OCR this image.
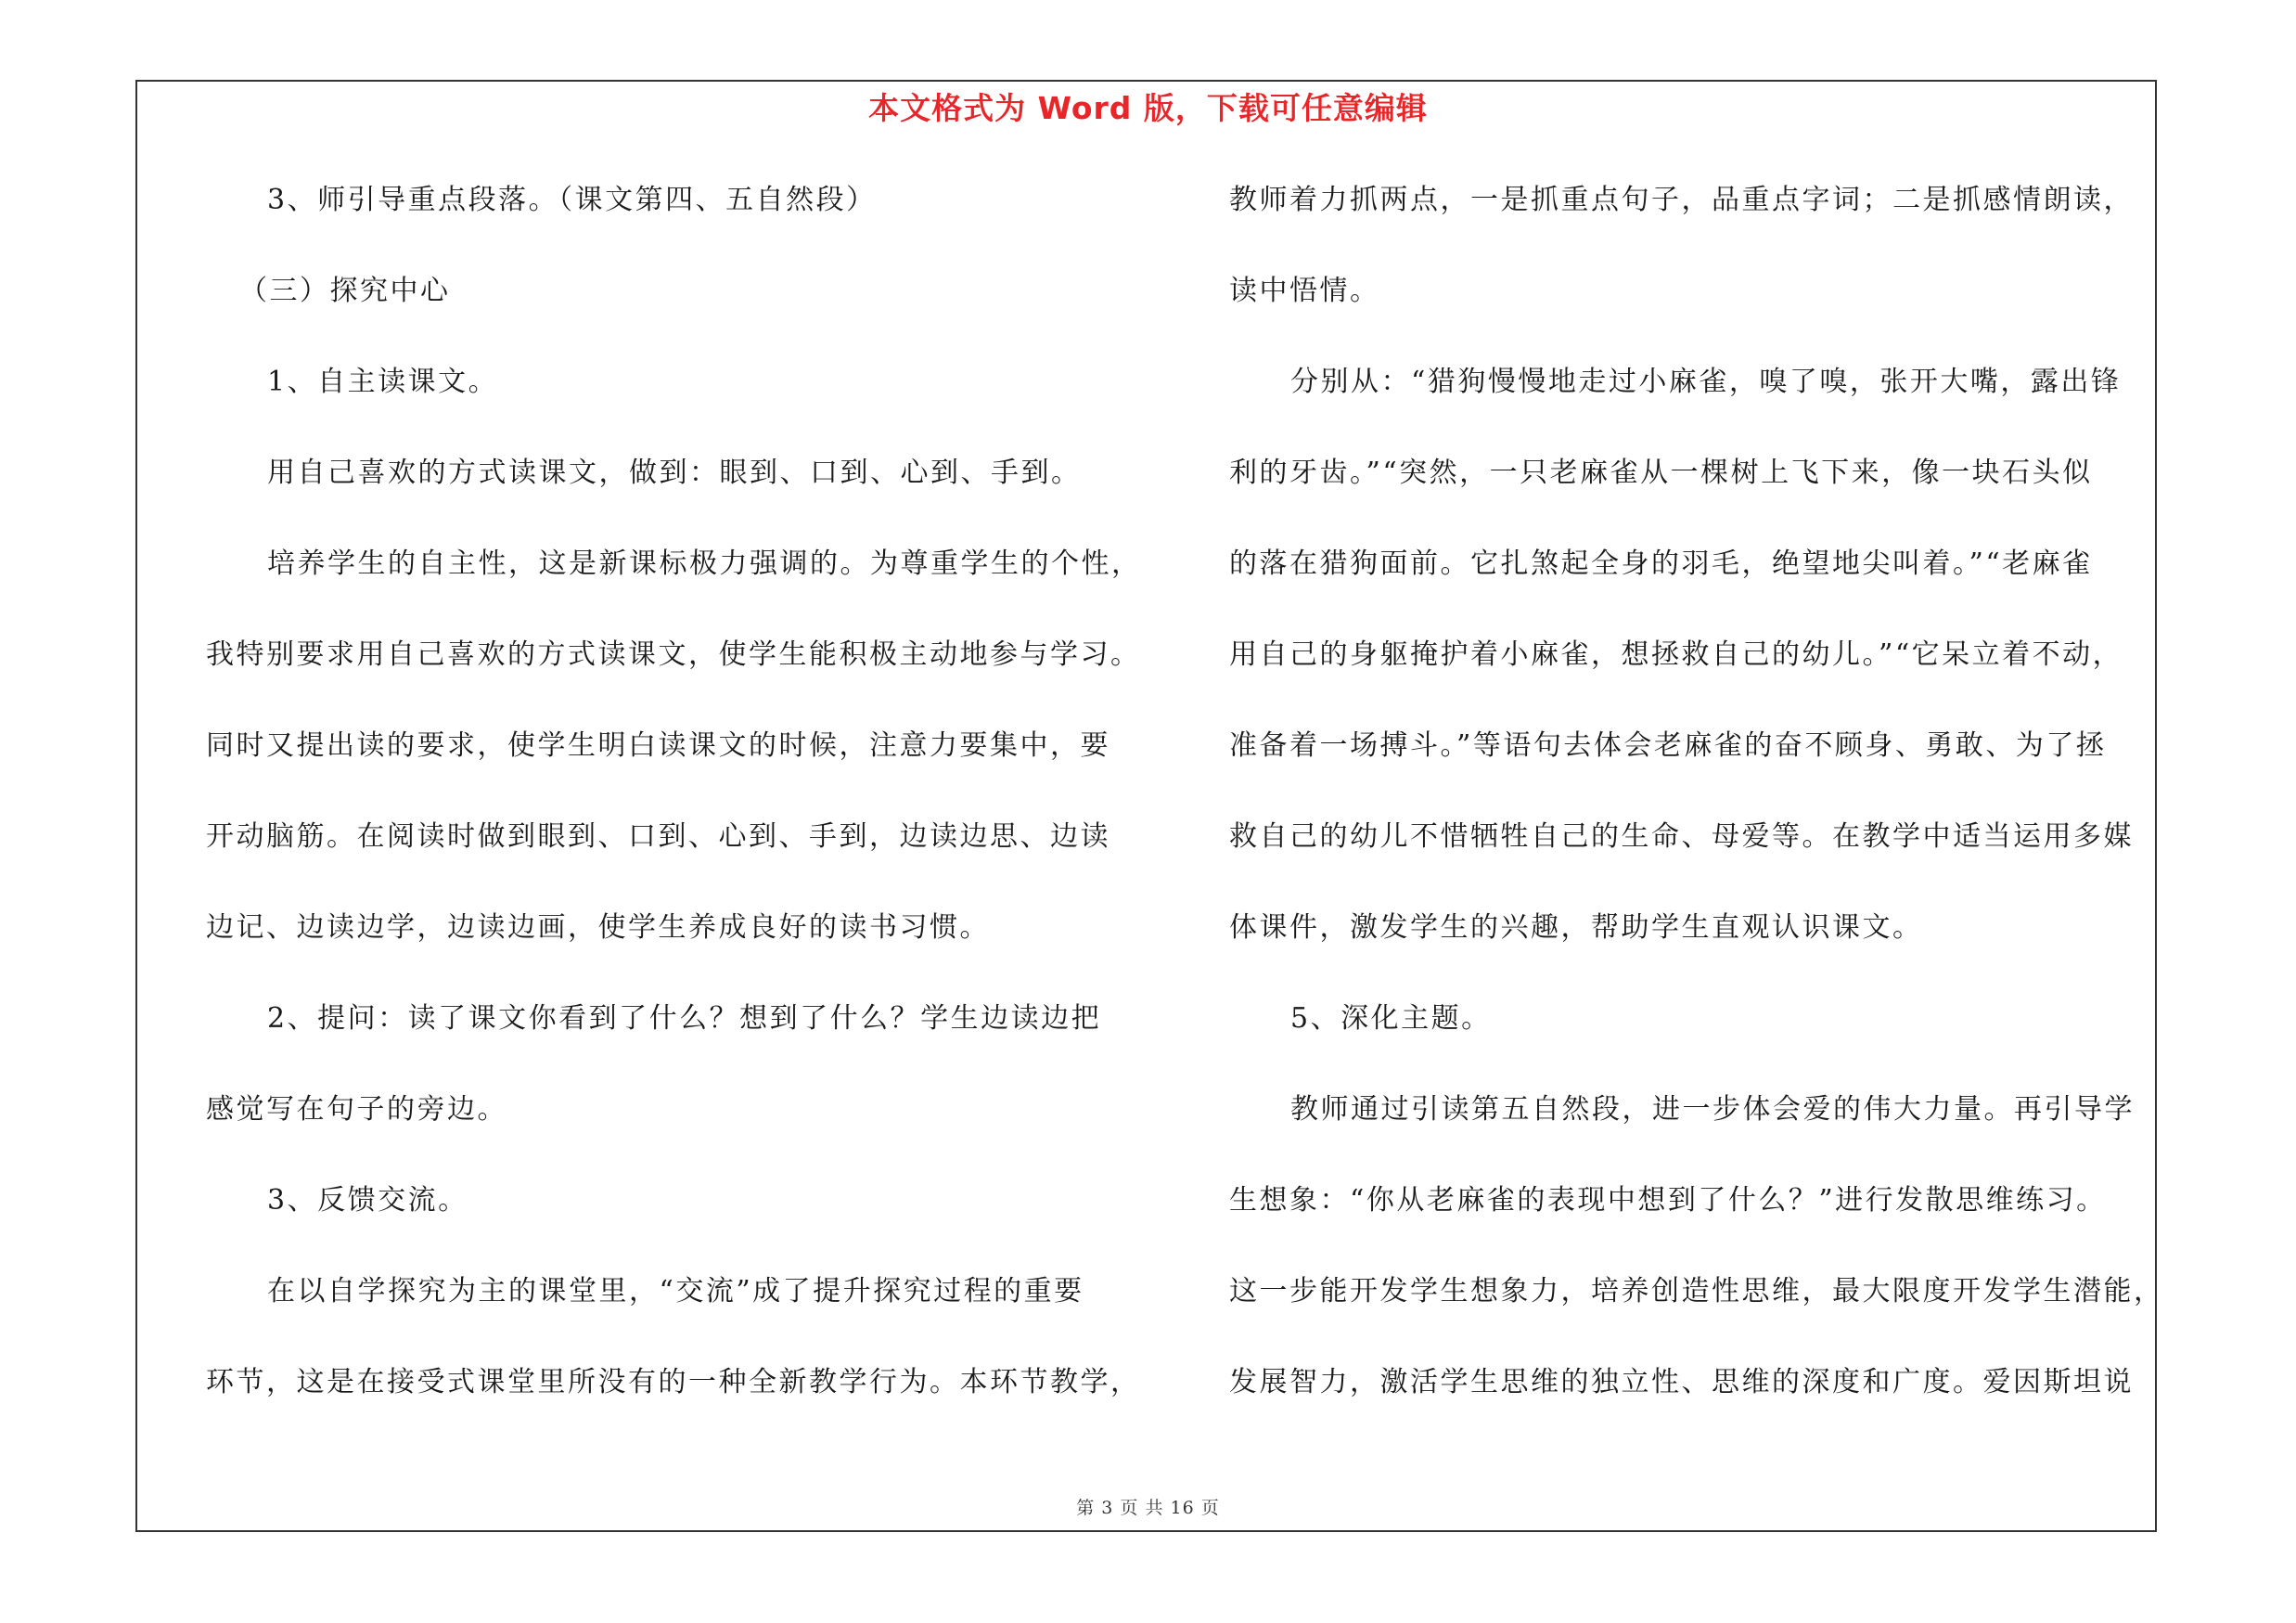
本文格式为 Word 版，下载可任意编辑
3、师引导重点段落。（课文第四、五自然段）
（三）探究中心
1、自主读课文。
用自己喜欢的方式读课文，做到：眼到、口到、心到、手到。
培养学生的自主性，这是新课标极力强调的。为尊重学生的个性，
我特别要求用自己喜欢的方式读课文，使学生能积极主动地参与学习。
同时又提出读的要求，使学生明白读课文的时候，注意力要集中，要
开动脑筋。在阅读时做到眼到、口到、心到、手到，边读边思、边读
边记、边读边学，边读边画，使学生养成良好的读书习惯。
2、提问：读了课文你看到了什么？想到了什么？学生边读边把
感觉写在句子的旁边。
3、反馈交流。
在以自学探究为主的课堂里，“交流”成了提升探究过程的重要
环节，这是在接受式课堂里所没有的一种全新教学行为。本环节教学，
教师着力抓两点，一是抓重点句子，品重点字词；二是抓感情朗读，
读中悟情。
分别从：“猎狗慢慢地走过小麻雀，嗅了嗅，张开大嘴，露出锋
利的牙齿。”“突然，一只老麻雀从一棵树上飞下来，像一块石头似
的落在猎狗面前。它扎煞起全身的羽毛，绝望地尖叫着。”“老麻雀
用自己的身躯掩护着小麻雀，想拯救自己的幼儿。”“它呆立着不动，
准备着一场搏斗。”等语句去体会老麻雀的奋不顾身、勇敢、为了拯
救自己的幼儿不惜牺牲自己的生命、母爱等。在教学中适当运用多媒
体课件，激发学生的兴趣，帮助学生直观认识课文。
5、深化主题。
教师通过引读第五自然段，进一步体会爱的伟大力量。再引导学
生想象：“你从老麻雀的表现中想到了什么？”进行发散思维练习。
这一步能开发学生想象力，培养创造性思维，最大限度开发学生潜能，
发展智力，激活学生思维的独立性、思维的深度和广度。爱因斯坦说
第 3 页 共 16 页
